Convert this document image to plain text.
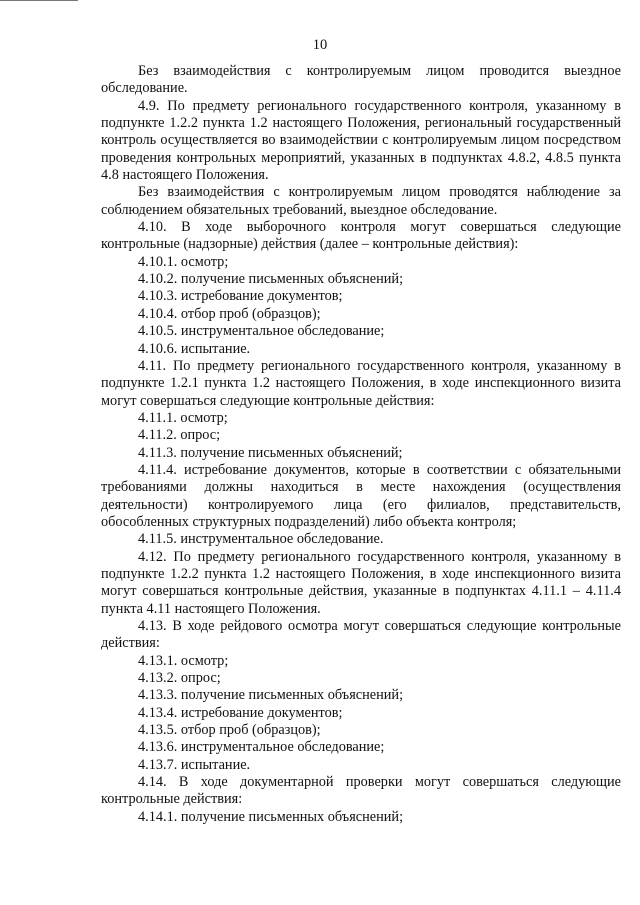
10

Без взаимодействия с контролируемым лицом проводится выездное обследование.

4.9. По предмету регионального государственного контроля, указанному в подпункте 1.2.2 пункта 1.2 настоящего Положения, региональный государственный контроль осуществляется во взаимодействии с контролируемым лицом посредством проведения контрольных мероприятий, указанных в подпунктах 4.8.2, 4.8.5 пункта 4.8 настоящего Положения.

Без взаимодействия с контролируемым лицом проводятся наблюдение за соблюдением обязательных требований, выездное обследование.

4.10. В ходе выборочного контроля могут совершаться следующие контрольные (надзорные) действия (далее – контрольные действия):

4.10.1. осмотр;

4.10.2. получение письменных объяснений;

4.10.3. истребование документов;

4.10.4. отбор проб (образцов);

4.10.5. инструментальное обследование;

4.10.6. испытание.

4.11. По предмету регионального государственного контроля, указанному в подпункте 1.2.1 пункта 1.2 настоящего Положения, в ходе инспекционного визита могут совершаться следующие контрольные действия:

4.11.1. осмотр;

4.11.2. опрос;

4.11.3. получение письменных объяснений;

4.11.4. истребование документов, которые в соответствии с обязательными требованиями должны находиться в месте нахождения (осуществления деятельности) контролируемого лица (его филиалов, представительств, обособленных структурных подразделений) либо объекта контроля;

4.11.5. инструментальное обследование.

4.12. По предмету регионального государственного контроля, указанному в подпункте 1.2.2 пункта 1.2 настоящего Положения, в ходе инспекционного визита могут совершаться контрольные действия, указанные в подпунктах 4.11.1 – 4.11.4 пункта 4.11 настоящего Положения.

4.13. В ходе рейдового осмотра могут совершаться следующие контрольные действия:

4.13.1. осмотр;

4.13.2. опрос;

4.13.3. получение письменных объяснений;

4.13.4. истребование документов;

4.13.5. отбор проб (образцов);

4.13.6. инструментальное обследование;

4.13.7. испытание.

4.14. В ходе документарной проверки могут совершаться следующие контрольные действия:

4.14.1. получение письменных объяснений;
